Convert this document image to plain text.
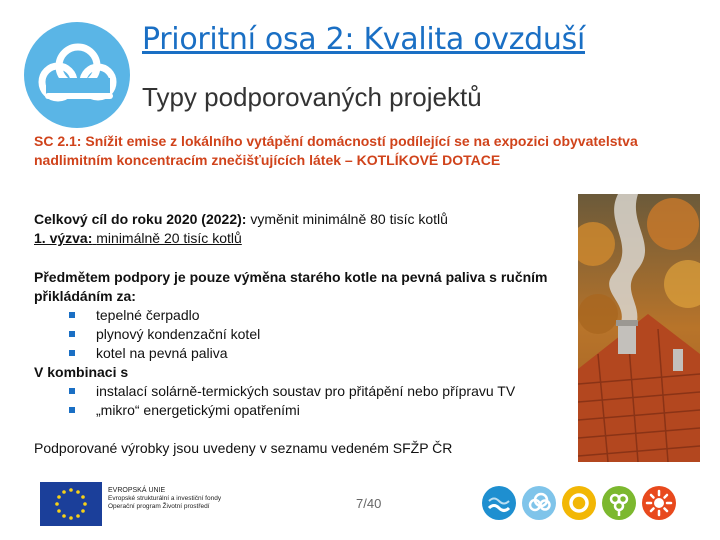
Prioritní osa 2: Kvalita ovzduší
Typy podporovaných projektů
SC 2.1: Snížit emise z lokálního vytápění domácností podílející se na expozici obyvatelstva nadlimitním koncentracím znečišťujících látek – KOTLÍKOVÉ DOTACE
Celkový cíl do roku 2020 (2022): vyměnit minimálně 80 tisíc kotlů
1. výzva: minimálně 20 tisíc kotlů
Předmětem podpory je pouze výměna starého kotle na pevná paliva s ručním přikládáním za:
tepelné čerpadlo
plynový kondenzační kotel
kotel na pevná paliva
V kombinaci s
instalací solárně-termických soustav pro přitápění nebo přípravu TV
„mikro“ energetickými opatřeními
Podporované výrobky jsou uvedeny v seznamu vedeném SFŽP ČR
EVROPSKÁ UNIE
Evropské strukturální a investiční fondy
Operační program Životní prostředí	7/40
